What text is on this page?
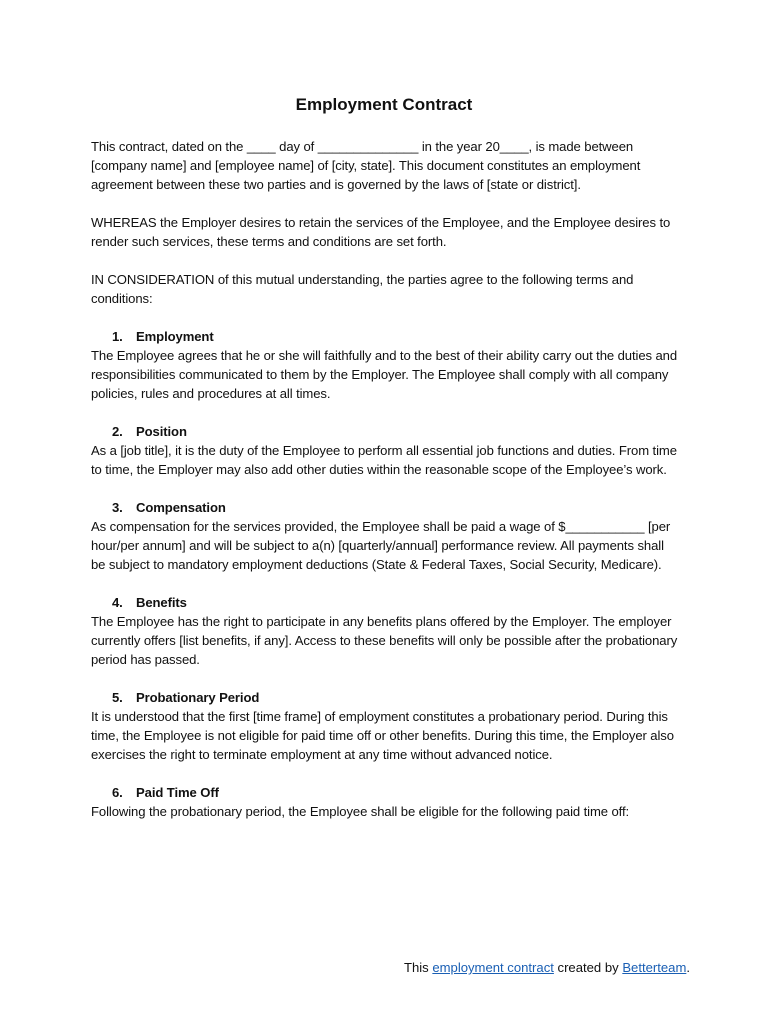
Employment Contract

This contract, dated on the ____ day of ______________ in the year 20____, is made between [company name] and [employee name] of [city, state]. This document constitutes an employment agreement between these two parties and is governed by the laws of [state or district].

WHEREAS the Employer desires to retain the services of the Employee, and the Employee desires to render such services, these terms and conditions are set forth.

IN CONSIDERATION of this mutual understanding, the parties agree to the following terms and conditions:

1.	Employment

The Employee agrees that he or she will faithfully and to the best of their ability carry out the duties and responsibilities communicated to them by the Employer. The Employee shall comply with all company policies, rules and procedures at all times.

2.	Position

As a [job title], it is the duty of the Employee to perform all essential job functions and duties. From time to time, the Employer may also add other duties within the reasonable scope of the Employee’s work.

3.	Compensation

As compensation for the services provided, the Employee shall be paid a wage of $___________ [per hour/per annum] and will be subject to a(n) [quarterly/annual] performance review. All payments shall be subject to mandatory employment deductions (State & Federal Taxes, Social Security, Medicare).

4.	Benefits

The Employee has the right to participate in any benefits plans offered by the Employer. The employer currently offers [list benefits, if any]. Access to these benefits will only be possible after the probationary period has passed.

5.	Probationary Period

It is understood that the first [time frame] of employment constitutes a probationary period. During this time, the Employee is not eligible for paid time off or other benefits. During this time, the Employer also exercises the right to terminate employment at any time without advanced notice.

6.	Paid Time Off

Following the probationary period, the Employee shall be eligible for the following paid time off:

This employment contract created by Betterteam.
